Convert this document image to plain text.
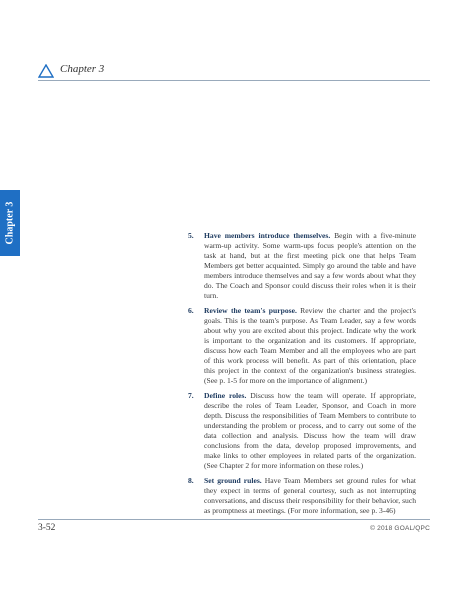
Chapter 3
Chapter 3	5. Have members introduce themselves. Begin with a five-minute warm-up activity. Some warm-ups focus people's attention on the task at hand, but at the first meeting pick one that helps Team Members get better acquainted. Simply go around the table and have members introduce themselves and say a few words about what they do. The Coach and Sponsor could discuss their roles when it is their turn.
6. Review the team's purpose. Review the charter and the project's goals. This is the team's purpose. As Team Leader, say a few words about why you are excited about this project. Indicate why the work is important to the organization and its customers. If appropriate, discuss how each Team Member and all the employees who are part of this work process will benefit. As part of this orientation, place this project in the context of the organization's business strategies. (See p. 1-5 for more on the importance of alignment.)
7. Define roles. Discuss how the team will operate. If appropriate, describe the roles of Team Leader, Sponsor, and Coach in more depth. Discuss the responsibilities of Team Members to contribute to understanding the problem or process, and to carry out some of the data collection and analysis. Discuss how the team will draw conclusions from the data, develop proposed improvements, and make links to other employees in related parts of the organization. (See Chapter 2 for more information on these roles.)
8. Set ground rules. Have Team Members set ground rules for what they expect in terms of general courtesy, such as not interrupting conversations, and discuss their responsibility for their behavior, such as promptness at meetings. (For more information, see p. 3-46)
3-52	© 2018 GOAL/QPC
